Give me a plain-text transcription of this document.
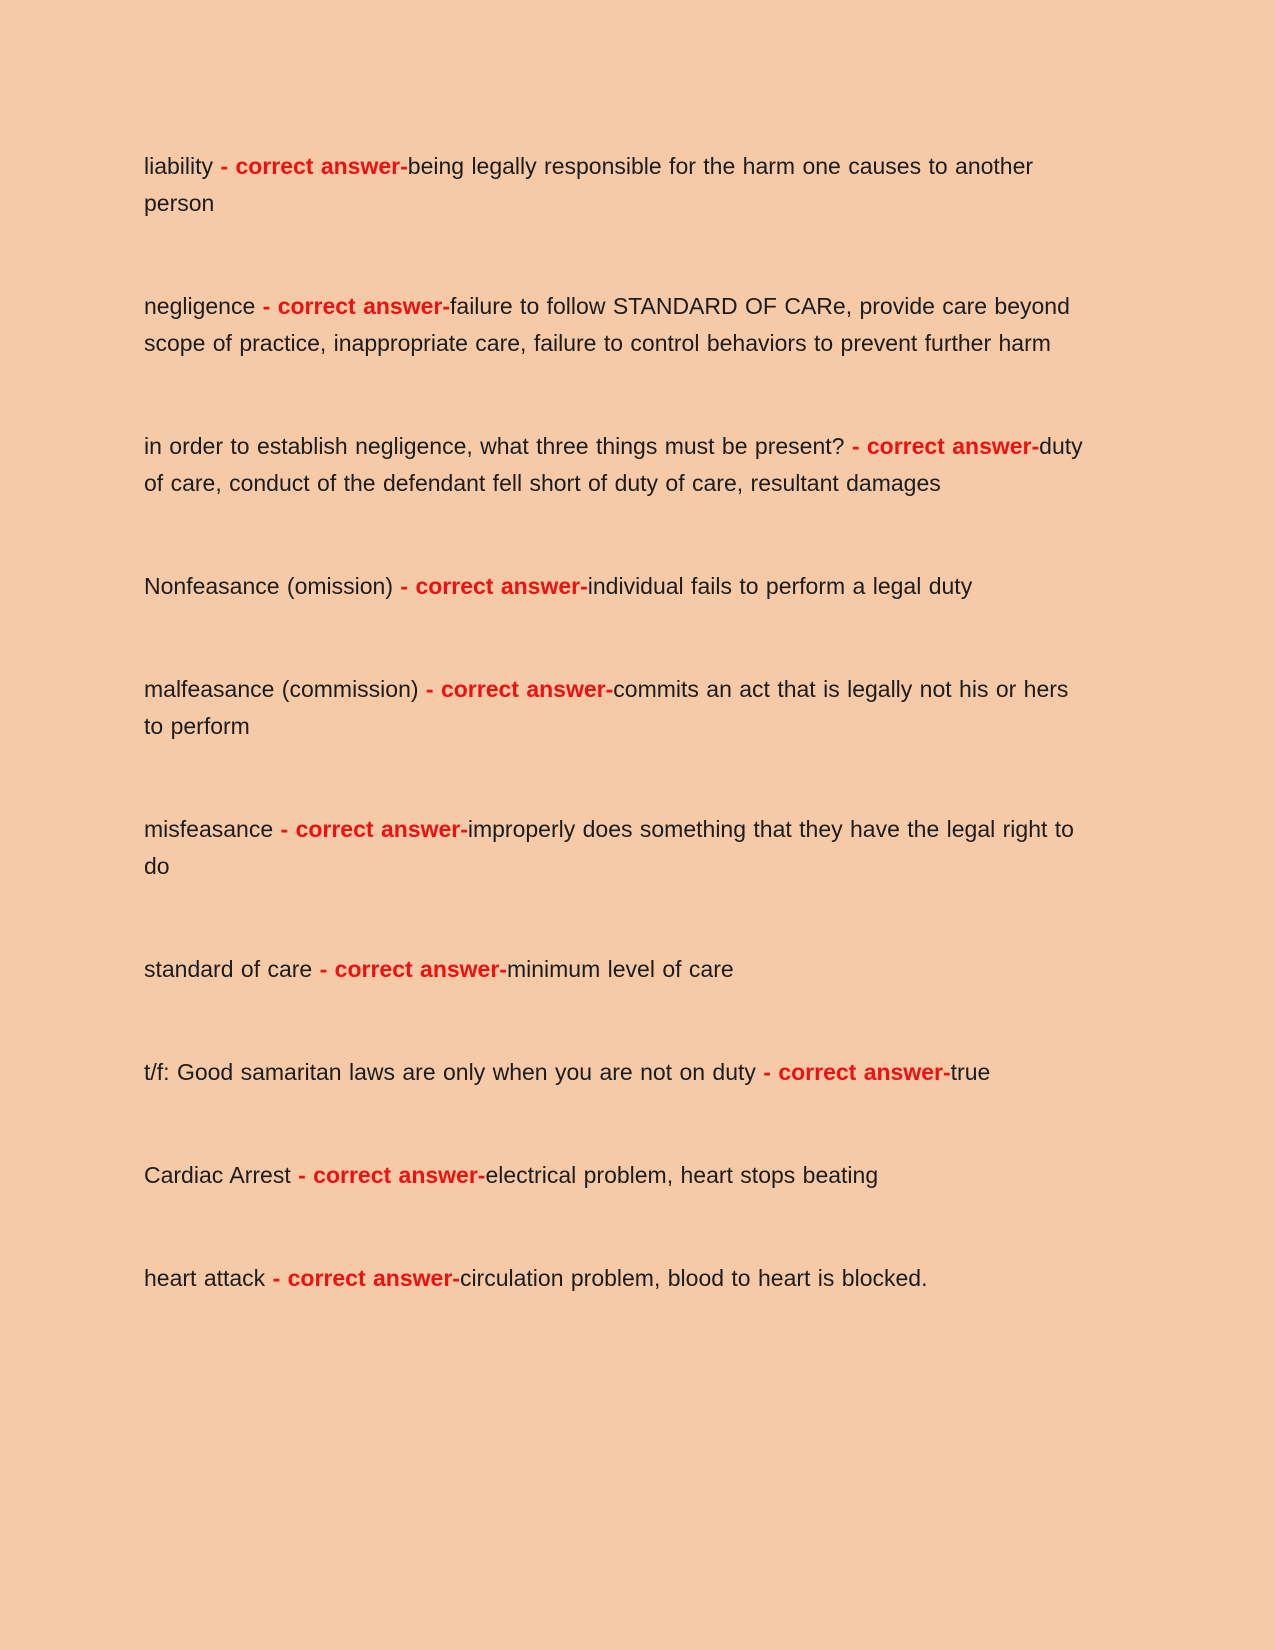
liability - correct answer-being legally responsible for the harm one causes to another person

negligence - correct answer-failure to follow STANDARD OF CARe, provide care beyond scope of practice, inappropriate care, failure to control behaviors to prevent further harm

in order to establish negligence, what three things must be present? - correct answer-duty of care, conduct of the defendant fell short of duty of care, resultant damages

Nonfeasance (omission) - correct answer-individual fails to perform a legal duty

malfeasance (commission) - correct answer-commits an act that is legally not his or hers to perform

misfeasance - correct answer-improperly does something that they have the legal right to do

standard of care - correct answer-minimum level of care

t/f: Good samaritan laws are only when you are not on duty - correct answer-true

Cardiac Arrest - correct answer-electrical problem, heart stops beating

heart attack - correct answer-circulation problem, blood to heart is blocked.
